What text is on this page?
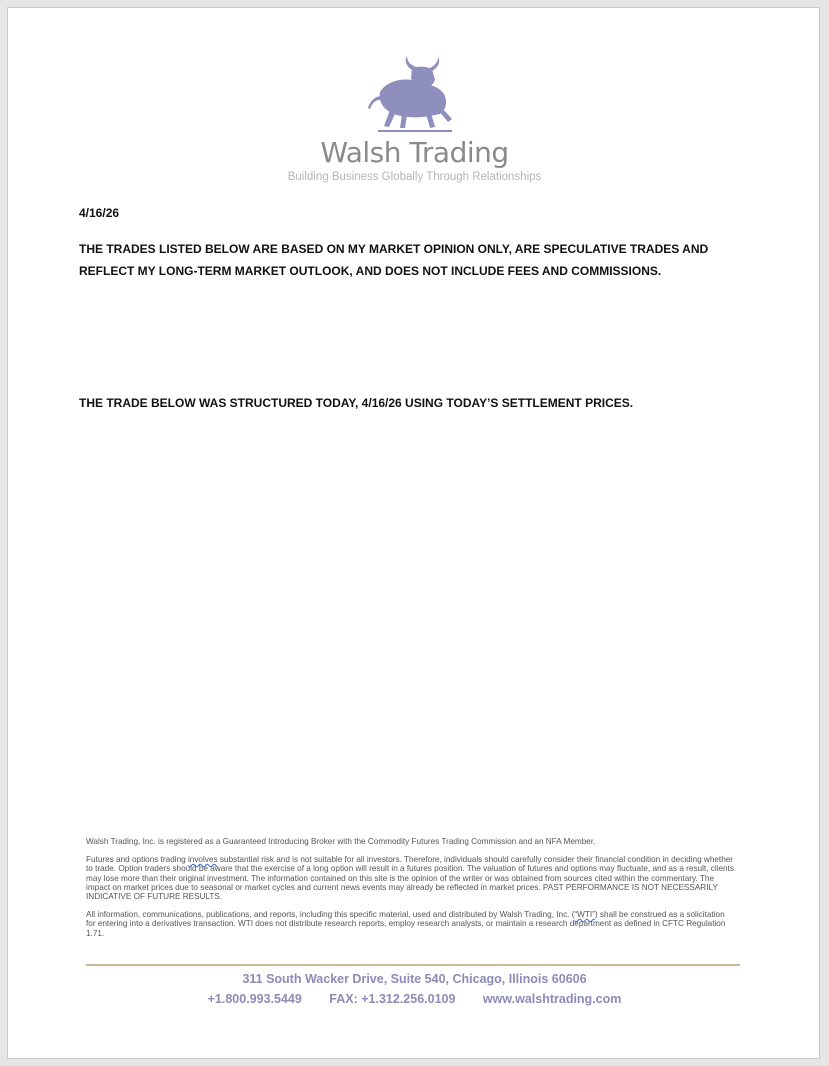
Walsh Trading
Building Business Globally Through Relationships
4/16/26
THE TRADES LISTED BELOW ARE BASED ON MY MARKET OPINION ONLY, ARE SPECULATIVE TRADES AND REFLECT MY LONG-TERM MARKET OUTLOOK, AND DOES NOT INCLUDE FEES AND COMMISSIONS.
THE TRADE BELOW WAS STRUCTURED TODAY, 4/16/26 USING TODAY’S SETTLEMENT PRICES.

Walsh Trading, Inc. is registered as a Guaranteed Introducing Broker with the Commodity Futures Trading Commission and an NFA Member.

Futures and options trading involves substantial risk and is not suitable for all investors. Therefore, individuals should carefully consider their financial condition in deciding whether to trade. Option traders should be aware that the exercise of a long option will result in a futures position. The valuation of futures and options may fluctuate, and as a result, clients may lose more than their original investment. The information contained on this site is the opinion of the writer or was obtained from sources cited within the commentary. The impact on market prices due to seasonal or market cycles and current news events may already be reflected in market prices. PAST PERFORMANCE IS NOT NECESSARILY INDICATIVE OF FUTURE RESULTS.

All information, communications, publications, and reports, including this specific material, used and distributed by Walsh Trading, Inc. (“WTI”) shall be construed as a solicitation for entering into a derivatives transaction. WTI does not distribute research reports, employ research analysts, or maintain a research department as defined in CFTC Regulation 1.71.

311 South Wacker Drive, Suite 540, Chicago, Illinois 60606
+1.800.993.5449 FAX: +1.312.256.0109 www.walshtrading.com
